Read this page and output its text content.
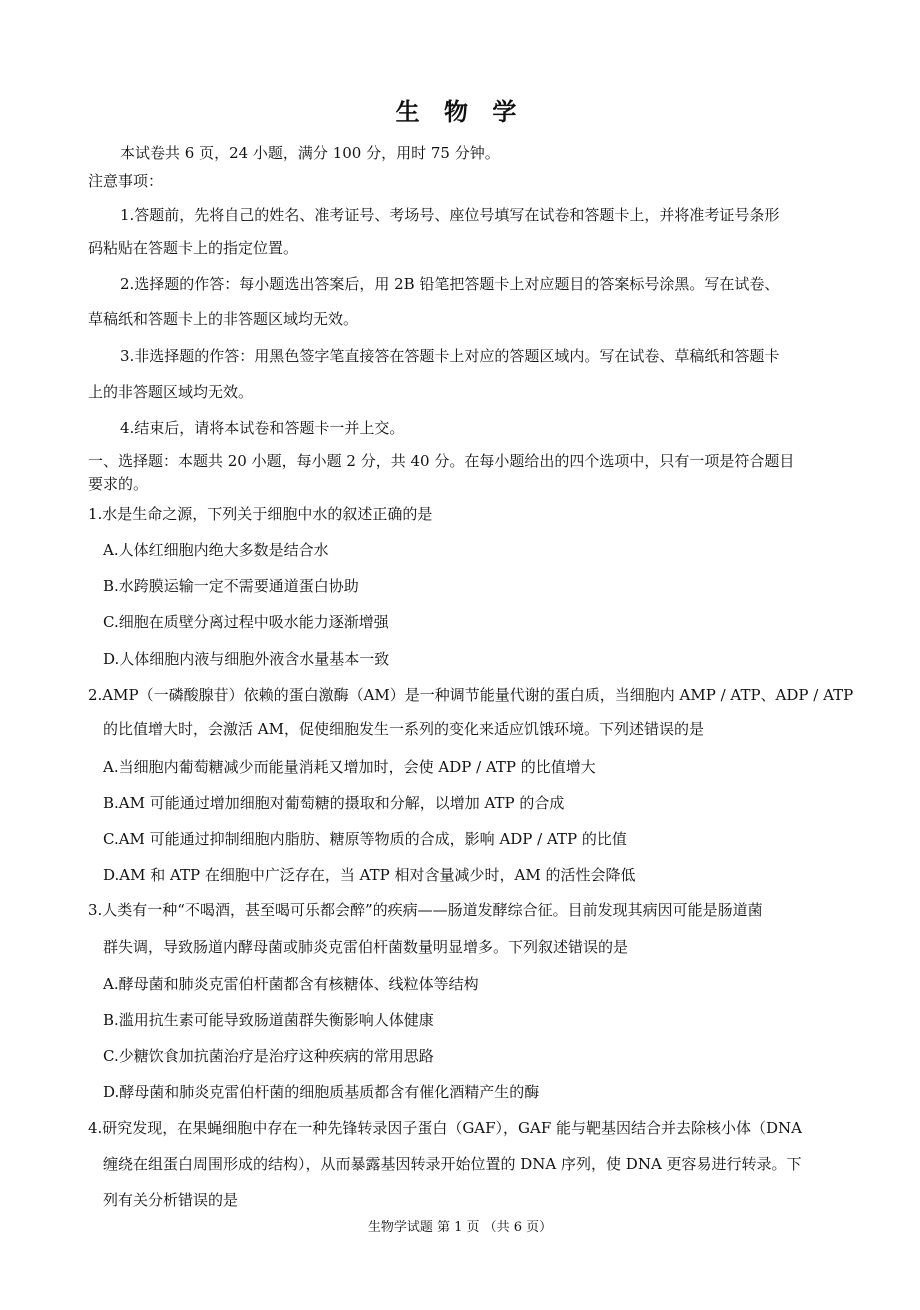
生 物 学
本试卷共 6 页，24 小题，满分 100 分，用时 75 分钟。
注意事项：
1.答题前，先将自己的姓名、准考证号、考场号、座位号填写在试卷和答题卡上，并将准考证号条形
码粘贴在答题卡上的指定位置。
2.选择题的作答：每小题选出答案后，用 2B 铅笔把答题卡上对应题目的答案标号涂黑。写在试卷、
草稿纸和答题卡上的非答题区域均无效。
3.非选择题的作答：用黑色签字笔直接答在答题卡上对应的答题区域内。写在试卷、草稿纸和答题卡
上的非答题区域均无效。
4.结束后，请将本试卷和答题卡一并上交。
一、选择题：本题共 20 小题，每小题 2 分，共 40 分。在每小题给出的四个选项中，只有一项是符合题目
要求的。
1.水是生命之源，下列关于细胞中水的叙述正确的是
A.人体红细胞内绝大多数是结合水
B.水跨膜运输一定不需要通道蛋白协助
C.细胞在质壁分离过程中吸水能力逐渐增强
D.人体细胞内液与细胞外液含水量基本一致
2.AMP（一磷酸腺苷）依赖的蛋白激酶（AM）是一种调节能量代谢的蛋白质，当细胞内 AMP / ATP、ADP / ATP
的比值增大时，会激活 AM，促使细胞发生一系列的变化来适应饥饿环境。下列述错误的是
A.当细胞内葡萄糖减少而能量消耗又增加时，会使 ADP / ATP 的比值增大
B.AM 可能通过增加细胞对葡萄糖的摄取和分解，以增加 ATP 的合成
C.AM 可能通过抑制细胞内脂肪、糖原等物质的合成，影响 ADP / ATP 的比值
D.AM 和 ATP 在细胞中广泛存在，当 ATP 相对含量减少时，AM 的活性会降低
3.人类有一种“不喝酒，甚至喝可乐都会醉”的疾病——肠道发酵综合征。目前发现其病因可能是肠道菌
群失调，导致肠道内酵母菌或肺炎克雷伯杆菌数量明显增多。下列叙述错误的是
A.酵母菌和肺炎克雷伯杆菌都含有核糖体、线粒体等结构
B.滥用抗生素可能导致肠道菌群失衡影响人体健康
C.少糖饮食加抗菌治疗是治疗这种疾病的常用思路
D.酵母菌和肺炎克雷伯杆菌的细胞质基质都含有催化酒精产生的酶
4.研究发现，在果蝇细胞中存在一种先锋转录因子蛋白（GAF），GAF 能与靶基因结合并去除核小体（DNA
缠绕在组蛋白周围形成的结构），从而暴露基因转录开始位置的 DNA 序列，使 DNA 更容易进行转录。下
列有关分析错误的是
生物学试题 第 1 页 （共 6 页）
